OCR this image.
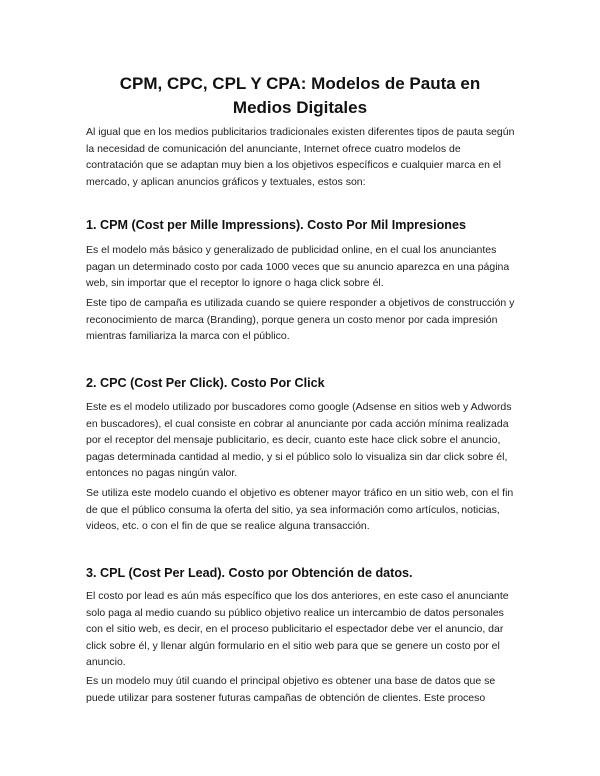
CPM, CPC, CPL Y CPA: Modelos de Pauta en Medios Digitales

Al igual que en los medios publicitarios tradicionales existen diferentes tipos de pauta según la necesidad de comunicación del anunciante, Internet ofrece cuatro modelos de contratación que se adaptan muy bien a los objetivos específicos e cualquier marca en el mercado, y aplican anuncios gráficos y textuales, estos son:

1. CPM (Cost per Mille Impressions). Costo Por Mil Impresiones

Es el modelo más básico y generalizado de publicidad online, en el cual los anunciantes pagan un determinado costo por cada 1000 veces que su anuncio aparezca en una página web, sin importar que el receptor lo ignore o haga click sobre él.

Este tipo de campaña es utilizada cuando se quiere responder a objetivos de construcción y reconocimiento de marca (Branding), porque genera un costo menor por cada impresión mientras familiariza la marca con el público.

2. CPC (Cost Per Click). Costo Por Click

Este es el modelo utilizado por buscadores como google (Adsense en sitios web y Adwords en buscadores), el cual consiste en cobrar al anunciante por cada acción mínima realizada por el receptor del mensaje publicitario, es decir, cuanto este hace click sobre el anuncio, pagas determinada cantidad al medio, y si el público solo lo visualiza sin dar click sobre él, entonces no pagas ningún valor.

Se utiliza este modelo cuando el objetivo es obtener mayor tráfico en un sitio web, con el fin de que el público consuma la oferta del sitio, ya sea información como artículos, noticias, videos, etc. o con el fin de que se realice alguna transacción.

3. CPL (Cost Per Lead). Costo por Obtención de datos.

El costo por lead es aún más específico que los dos anteriores, en este caso el anunciante solo paga al medio cuando su público objetivo realice un intercambio de datos personales con el sitio web, es decir, en el proceso publicitario el espectador debe ver el anuncio, dar click sobre él, y llenar algún formulario en el sitio web para que se genere un costo por el anuncio.

Es un modelo muy útil cuando el principal objetivo es obtener una base de datos que se puede utilizar para sostener futuras campañas de obtención de clientes. Este proceso
